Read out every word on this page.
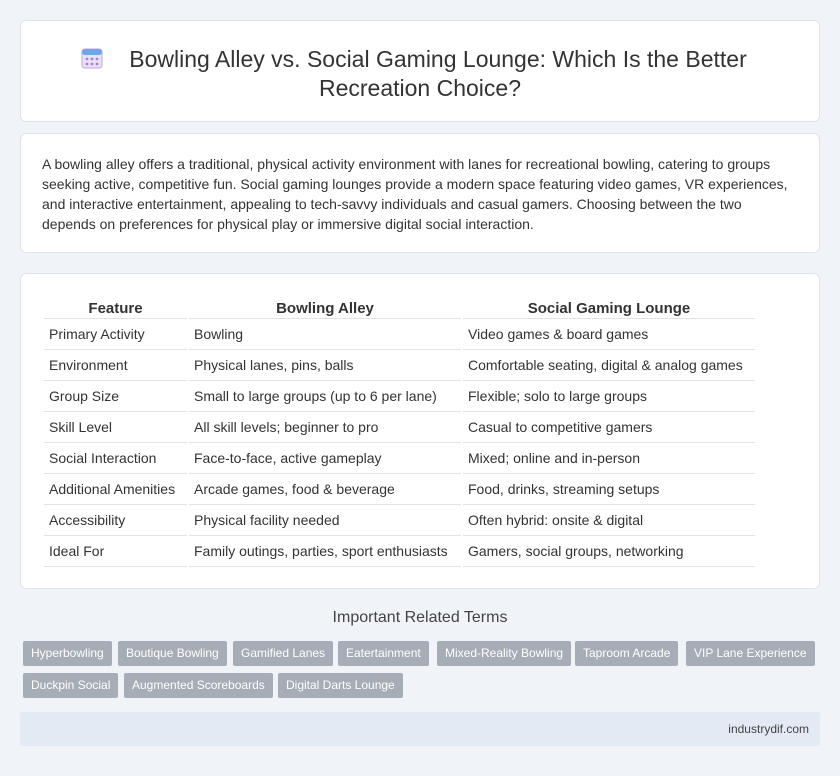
Bowling Alley vs. Social Gaming Lounge: Which Is the Better
Recreation Choice?

A bowling alley offers a traditional, physical activity environment with lanes for recreational bowling, catering to groups seeking active, competitive fun. Social gaming lounges provide a modern space featuring video games, VR experiences, and interactive entertainment, appealing to tech-savvy individuals and casual gamers. Choosing between the two depends on preferences for physical play or immersive digital social interaction.

Feature	Bowling Alley	Social Gaming Lounge
Primary Activity	Bowling	Video games & board games
Environment	Physical lanes, pins, balls	Comfortable seating, digital & analog games
Group Size	Small to large groups (up to 6 per lane)	Flexible; solo to large groups
Skill Level	All skill levels; beginner to pro	Casual to competitive gamers
Social Interaction	Face-to-face, active gameplay	Mixed; online and in-person
Additional Amenities	Arcade games, food & beverage	Food, drinks, streaming setups
Accessibility	Physical facility needed	Often hybrid: onsite & digital
Ideal For	Family outings, parties, sport enthusiasts	Gamers, social groups, networking
Important Related Terms
Hyperbowling	Boutique Bowling	Gamified Lanes	Eatertainment	Mixed-Reality Bowling	Taproom Arcade	VIP Lane Experience
Duckpin Social	Augmented Scoreboards	Digital Darts Lounge
industrydif.com
